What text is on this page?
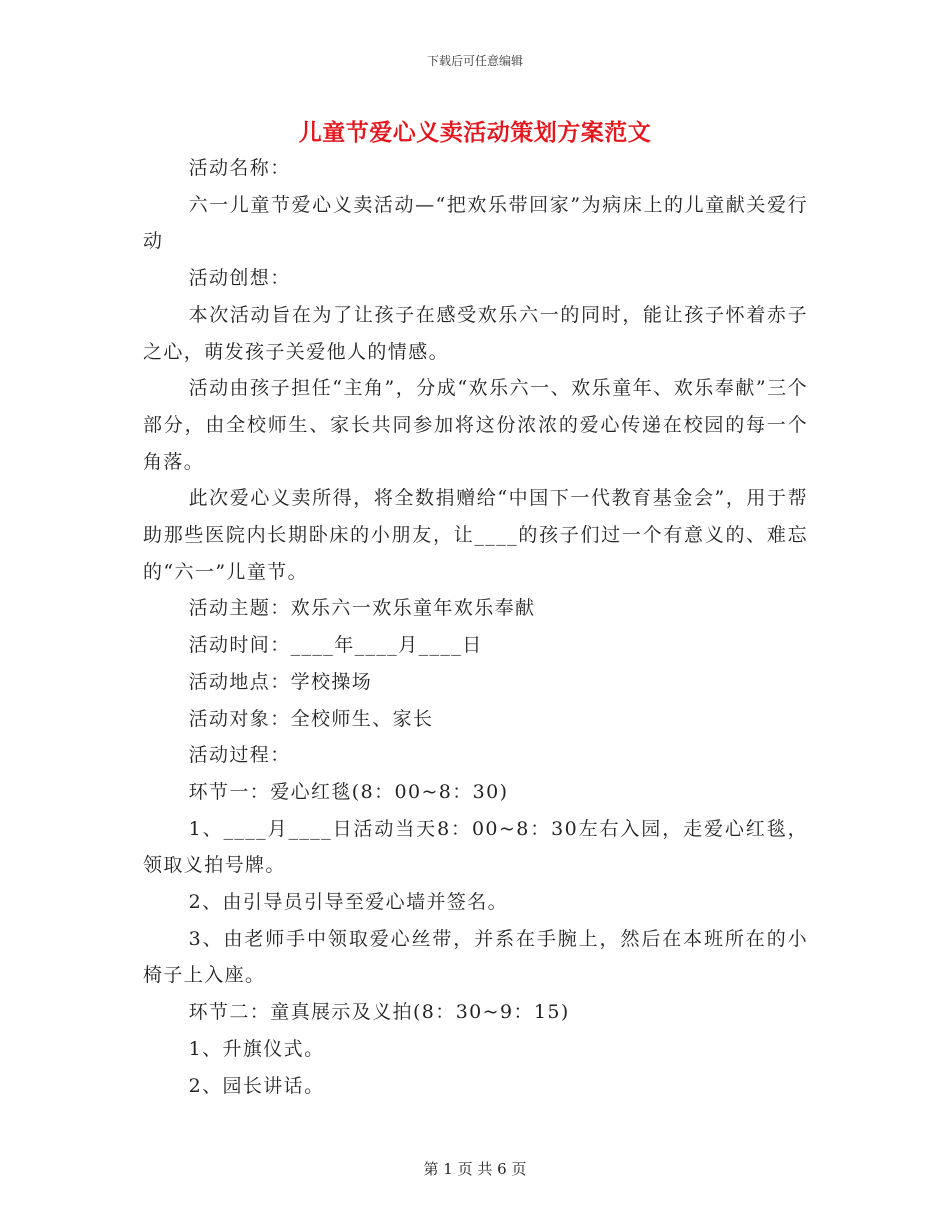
下载后可任意编辑
儿童节爱心义卖活动策划方案范文

活动名称：

六一儿童节爱心义卖活动—“把欢乐带回家”为病床上的儿童献关爱行动

活动创想：

本次活动旨在为了让孩子在感受欢乐六一的同时，能让孩子怀着赤子之心，萌发孩子关爱他人的情感。

活动由孩子担任“主角”，分成“欢乐六一、欢乐童年、欢乐奉献”三个部分，由全校师生、家长共同参加将这份浓浓的爱心传递在校园的每一个角落。

此次爱心义卖所得，将全数捐赠给“中国下一代教育基金会”，用于帮助那些医院内长期卧床的小朋友，让____的孩子们过一个有意义的、难忘的“六一”儿童节。

活动主题：欢乐六一欢乐童年欢乐奉献

活动时间：____年____月____日

活动地点：学校操场

活动对象：全校师生、家长

活动过程：

环节一：爱心红毯(8：00~8：30)

1、____月____日活动当天8：00~8：30左右入园，走爱心红毯，领取义拍号牌。

2、由引导员引导至爱心墙并签名。

3、由老师手中领取爱心丝带，并系在手腕上，然后在本班所在的小椅子上入座。

环节二：童真展示及义拍(8：30~9：15)

1、升旗仪式。

2、园长讲话。

第 1 页 共 6 页
